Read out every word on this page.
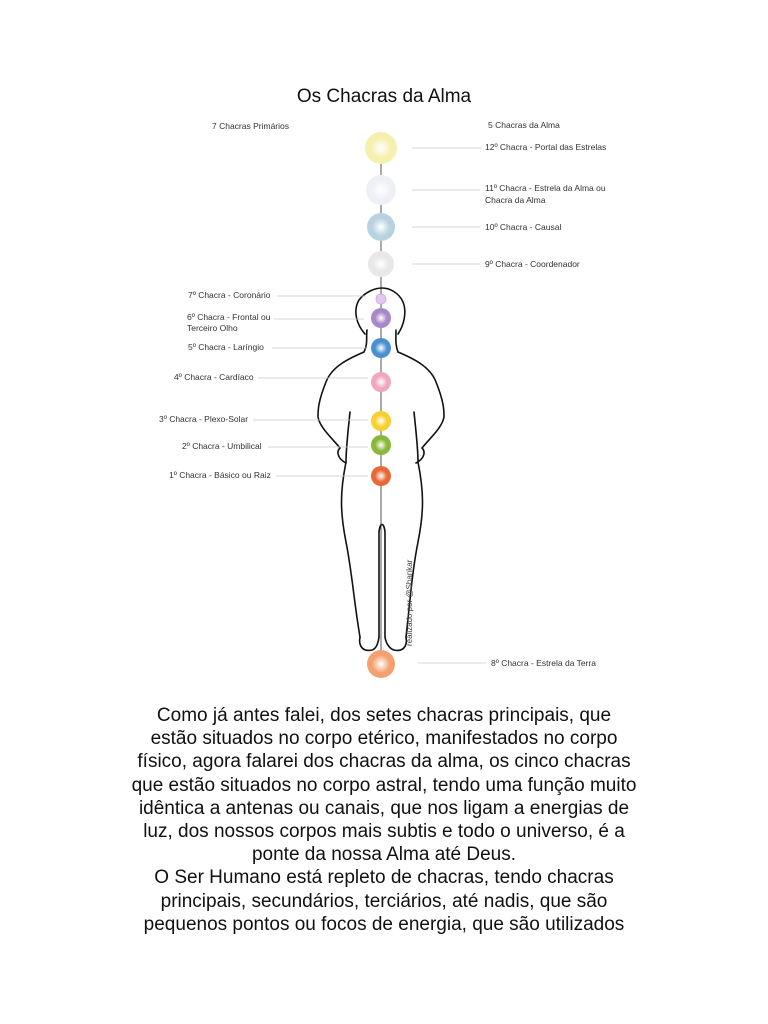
Os Chacras da Alma
7 Chacras Primários	5 Chacras da Alma
12º Chacra - Portal das Estrelas
11º Chacra - Estrela da Alma ou
Chacra da Alma
10º Chacra - Causal
9º Chacra - Coordenador
8º Chacra - Estrela da Terra
7º Chacra - Coronário
6º Chacra - Frontal ou
Terceiro Olho
5º Chacra - Laríngio
4º Chacra - Cardíaco
3º Chacra - Plexo-Solar
2º Chacra - Umbilical
1º Chacra - Básico ou Raiz
realizado por @Shankar

Como já antes falei, dos setes chacras principais, que
estão situados no corpo etérico, manifestados no corpo
físico, agora falarei dos chacras da alma, os cinco chacras
que estão situados no corpo astral, tendo uma função muito
idêntica a antenas ou canais, que nos ligam a energias de
luz, dos nossos corpos mais subtis e todo o universo, é a
ponte da nossa Alma até Deus.

O Ser Humano está repleto de chacras, tendo chacras
principais, secundários, terciários, até nadis, que são
pequenos pontos ou focos de energia, que são utilizados
